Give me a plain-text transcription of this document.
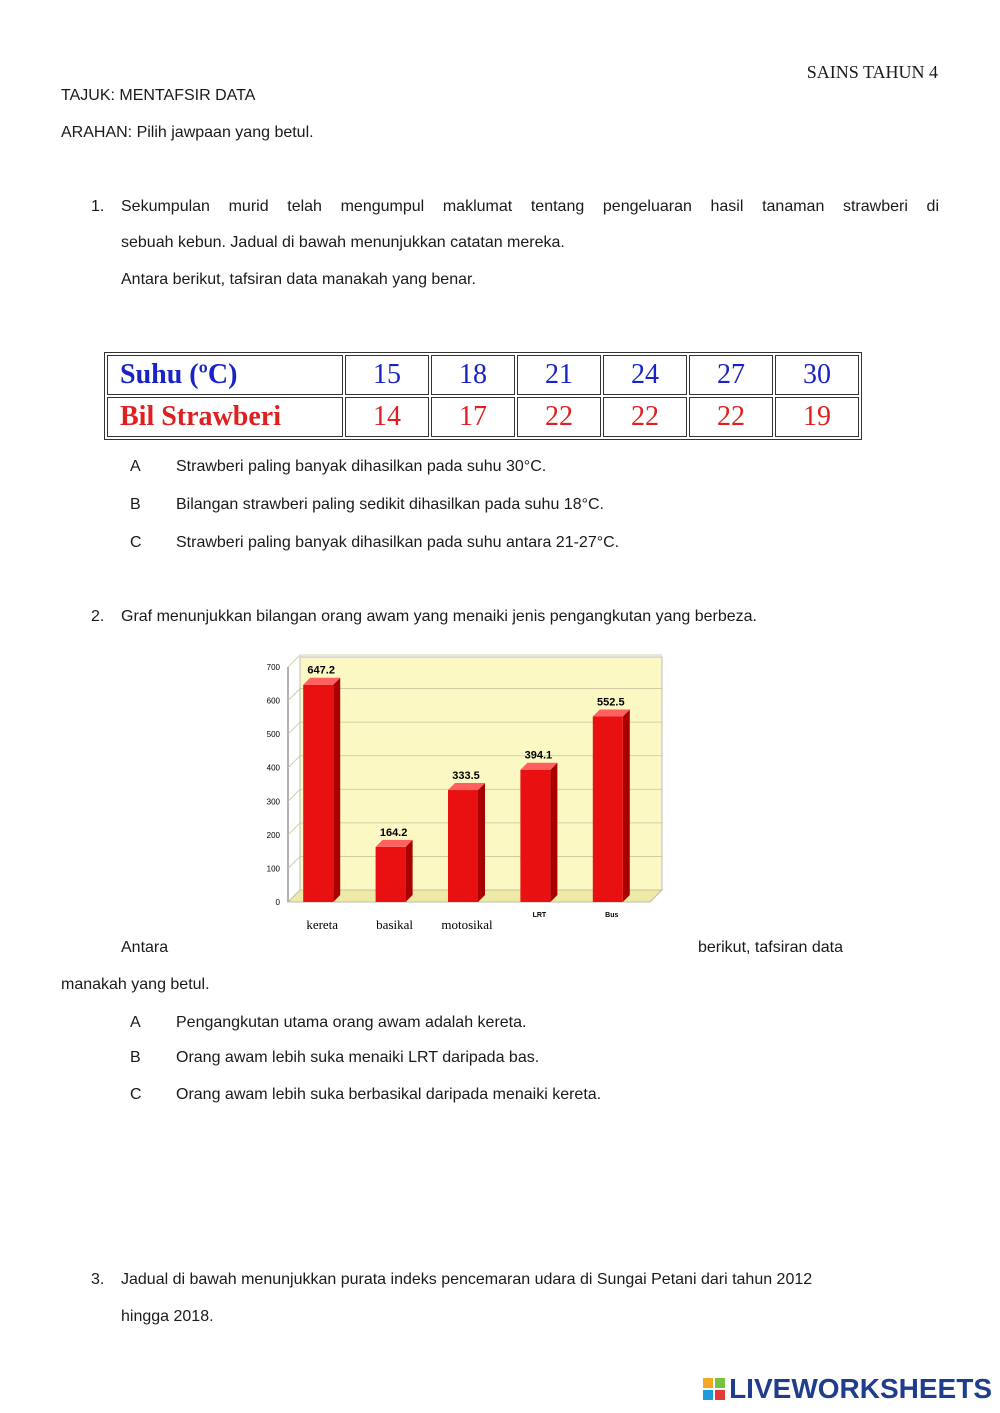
SAINS TAHUN 4
TAJUK: MENTAFSIR DATA
ARAHAN: Pilih jawpaan yang betul.
1. Sekumpulan murid telah mengumpul maklumat tentang pengeluaran hasil tanaman strawberi di
sebuah kebun. Jadual di bawah menunjukkan catatan mereka.
Antara berikut, tafsiran data manakah yang benar.
Suhu (ºC)	15	18	21	24	27	30
Bil Strawberi	14	17	22	22	22	19
A Strawberi paling banyak dihasilkan pada suhu 30°C.
B Bilangan strawberi paling sedikit dihasilkan pada suhu 18°C.
C Strawberi paling banyak dihasilkan pada suhu antara 21-27°C.
2. Graf menunjukkan bilangan orang awam yang menaiki jenis pengangkutan yang berbeza.
0
100
200
300
400
500
600
700 647.2
164.2
333.5
394.1
552.5
kereta	basikal motosikal
LRT	Bus
Antara	berikut, tafsiran data
manakah yang betul.
A Pengangkutan utama orang awam adalah kereta.
B Orang awam lebih suka menaiki LRT daripada bas.
C Orang awam lebih suka berbasikal daripada menaiki kereta.
3. Jadual di bawah menunjukkan purata indeks pencemaran udara di Sungai Petani dari tahun 2012
hingga 2018.
LIVEWORKSHEETS
